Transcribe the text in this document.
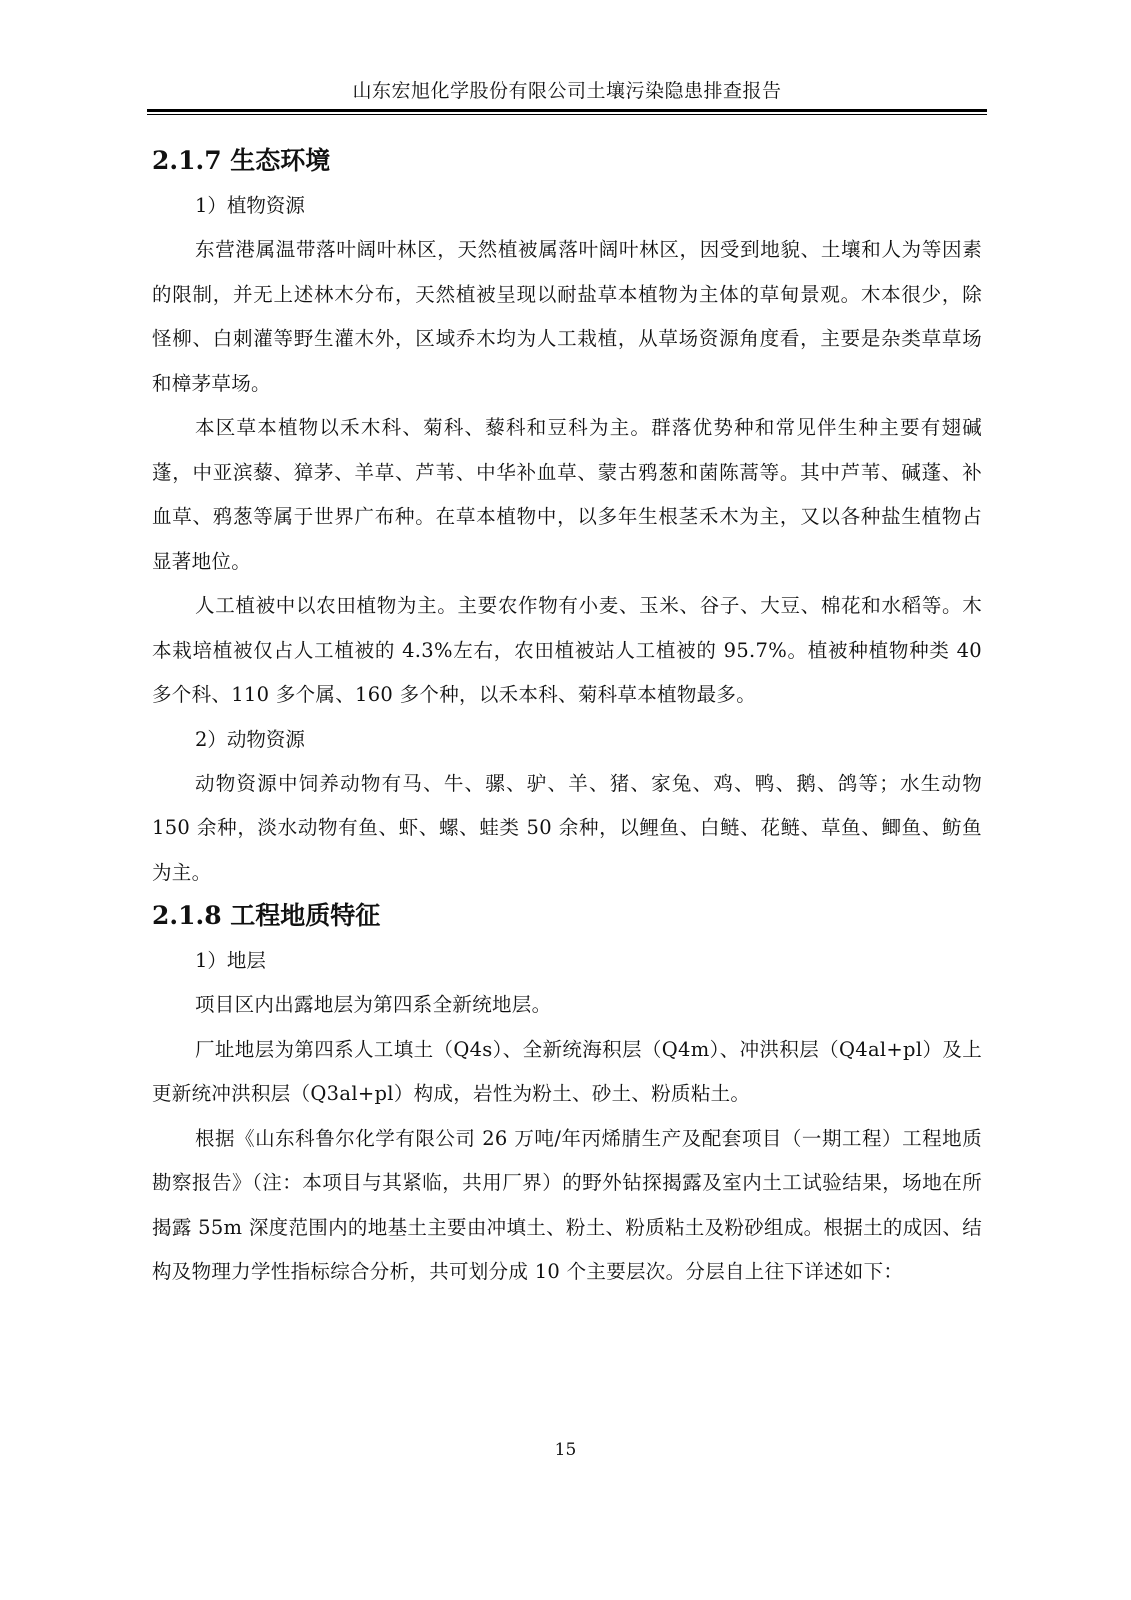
山东宏旭化学股份有限公司土壤污染隐患排查报告
2.1.7 生态环境

1）植物资源

东营港属温带落叶阔叶林区，天然植被属落叶阔叶林区，因受到地貌、土壤和人为等因素的限制，并无上述林木分布，天然植被呈现以耐盐草本植物为主体的草甸景观。木本很少，除怪柳、白刺灌等野生灌木外，区域乔木均为人工栽植，从草场资源角度看，主要是杂类草草场和樟茅草场。

本区草本植物以禾木科、菊科、藜科和豆科为主。群落优势种和常见伴生种主要有翅碱蓬，中亚滨藜、獐茅、羊草、芦苇、中华补血草、蒙古鸦葱和菌陈蒿等。其中芦苇、碱蓬、补血草、鸦葱等属于世界广布种。在草本植物中，以多年生根茎禾木为主，又以各种盐生植物占显著地位。

人工植被中以农田植物为主。主要农作物有小麦、玉米、谷子、大豆、棉花和水稻等。木本栽培植被仅占人工植被的 4.3%左右，农田植被站人工植被的 95.7%。植被种植物种类 40 多个科、110 多个属、160 多个种，以禾本科、菊科草本植物最多。

2）动物资源

动物资源中饲养动物有马、牛、骡、驴、羊、猪、家兔、鸡、鸭、鹅、鸽等；水生动物 150 余种，淡水动物有鱼、虾、螺、蛙类 50 余种，以鲤鱼、白鲢、花鲢、草鱼、鲫鱼、鲂鱼为主。

2.1.8 工程地质特征

1）地层

项目区内出露地层为第四系全新统地层。

厂址地层为第四系人工填土（Q4s）、全新统海积层（Q4m）、冲洪积层（Q4al+pl）及上更新统冲洪积层（Q3al+pl）构成，岩性为粉土、砂土、粉质粘土。

根据《山东科鲁尔化学有限公司 26 万吨/年丙烯腈生产及配套项目（一期工程）工程地质勘察报告》（注：本项目与其紧临，共用厂界）的野外钻探揭露及室内土工试验结果，场地在所揭露 55m 深度范围内的地基土主要由冲填土、粉土、粉质粘土及粉砂组成。根据土的成因、结构及物理力学性指标综合分析，共可划分成 10 个主要层次。分层自上往下详述如下：

15
